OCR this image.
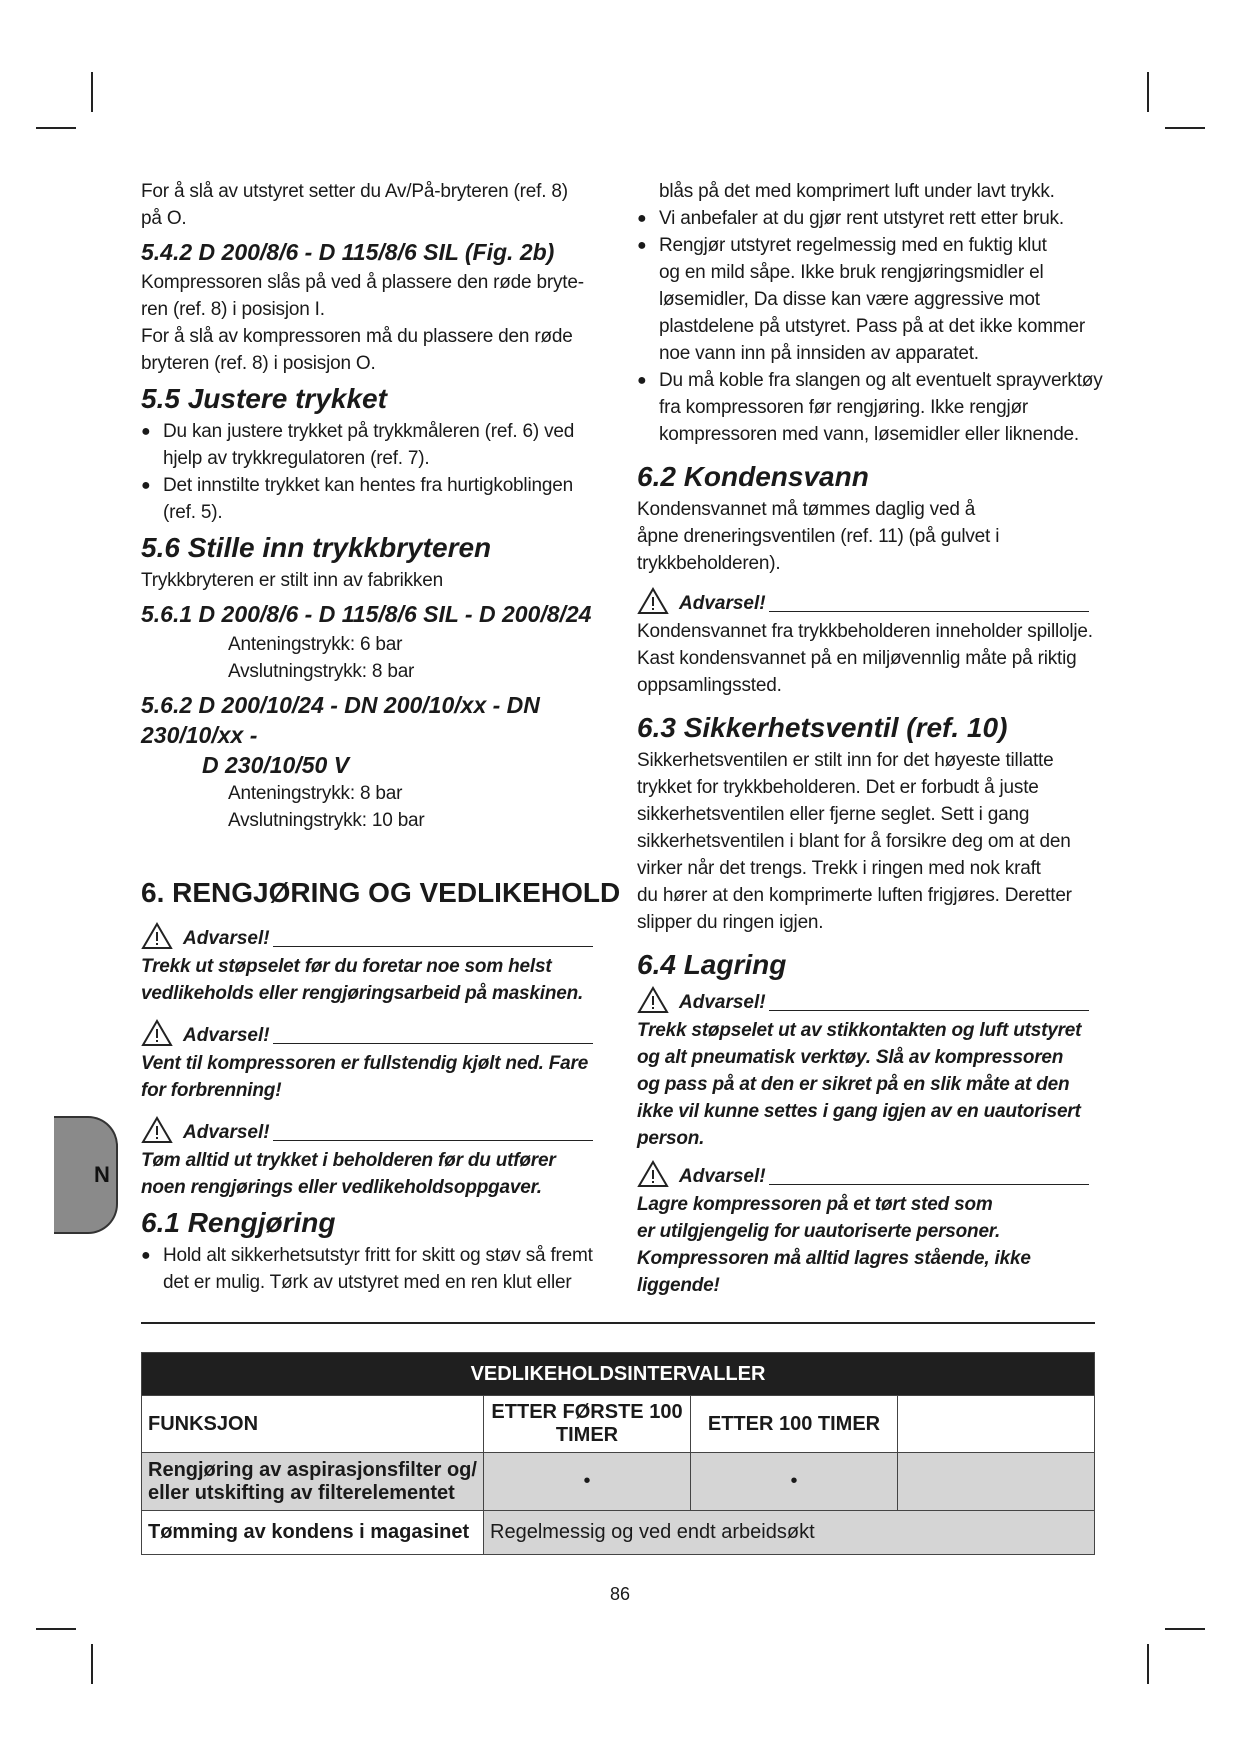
For å slå av utstyret setter du Av/På-bryteren (ref. 8)

på O.

5.4.2 D 200/8/6 - D 115/8/6 SIL (Fig. 2b)

Kompressoren slås på ved å plassere den røde bryte-

ren (ref. 8) i posisjon I.

For å slå av kompressoren må du plassere den røde

bryteren (ref. 8) i posisjon O.

5.5 Justere trykket
● Du kan justere trykket på trykkmåleren (ref. 6) ved

hjelp av trykkregulatoren (ref. 7).

● Det innstilte trykket kan hentes fra hurtigkoblingen

(ref. 5).

5.6 Stille inn trykkbryteren

Trykkbryteren er stilt inn av fabrikken

5.6.1 D 200/8/6 - D 115/8/6 SIL - D 200/8/24

Anteningstrykk: 6 bar

Avslutningstrykk: 8 bar

5.6.2 D 200/10/24 - DN 200/10/xx - DN 230/10/xx -
D 230/10/50 V

Anteningstrykk: 8 bar

Avslutningstrykk: 10 bar

6. RENGJØRING OG VEDLIKEHOLD
Advarsel!

Trekk ut støpselet før du foretar noe som helst

vedlikeholds eller rengjøringsarbeid på maskinen.

Advarsel!

Vent til kompressoren er fullstendig kjølt ned. Fare

for forbrenning!

Advarsel!

Tøm alltid ut trykket i beholderen før du utfører

noen rengjørings eller vedlikeholdsoppgaver.

6.1 Rengjøring
● Hold alt sikkerhetsutstyr fritt for skitt og støv så fremt

det er mulig. Tørk av utstyret med en ren klut eller

blås på det med komprimert luft under lavt trykk.

● Vi anbefaler at du gjør rent utstyret rett etter bruk.

● Rengjør utstyret regelmessig med en fuktig klut

og en mild såpe. Ikke bruk rengjøringsmidler el

løsemidler, Da disse kan være aggressive mot

plastdelene på utstyret. Pass på at det ikke kommer

noe vann inn på innsiden av apparatet.

● Du må koble fra slangen og alt eventuelt sprayverktøy

fra kompressoren før rengjøring. Ikke rengjør

kompressoren med vann, løsemidler eller liknende.

6.2 Kondensvann

Kondensvannet må tømmes daglig ved å

åpne dreneringsventilen (ref. 11) (på gulvet i

trykkbeholderen).

Advarsel!

Kondensvannet fra trykkbeholderen inneholder spillolje.

Kast kondensvannet på en miljøvennlig måte på riktig

oppsamlingssted.

6.3 Sikkerhetsventil (ref. 10)

Sikkerhetsventilen er stilt inn for det høyeste tillatte

trykket for trykkbeholderen. Det er forbudt å juste

sikkerhetsventilen eller fjerne seglet. Sett i gang

sikkerhetsventilen i blant for å forsikre deg om at den

virker når det trengs. Trekk i ringen med nok kraft

du hører at den komprimerte luften frigjøres. Deretter

slipper du ringen igjen.

6.4 Lagring
Advarsel!

Trekk støpselet ut av stikkontakten og luft utstyret

og alt pneumatisk verktøy. Slå av kompressoren

og pass på at den er sikret på en slik måte at den

ikke vil kunne settes i gang igjen av en uautorisert

person.

Advarsel!

Lagre kompressoren på et tørt sted som

er utilgjengelig for uautoriserte personer.

Kompressoren må alltid lagres stående, ikke

liggende!

N
VEDLIKEHOLDSINTERVALLER			
FUNKSJON	ETTER FØRSTE 100 TIMER	ETTER 100 TIMER	
Rengjøring av aspirasjonsfilter og/ eller utskifting av filterelementet	•	•	
Tømming av kondens i magasinet	Regelmessig og ved endt arbeidsøkt		
86
